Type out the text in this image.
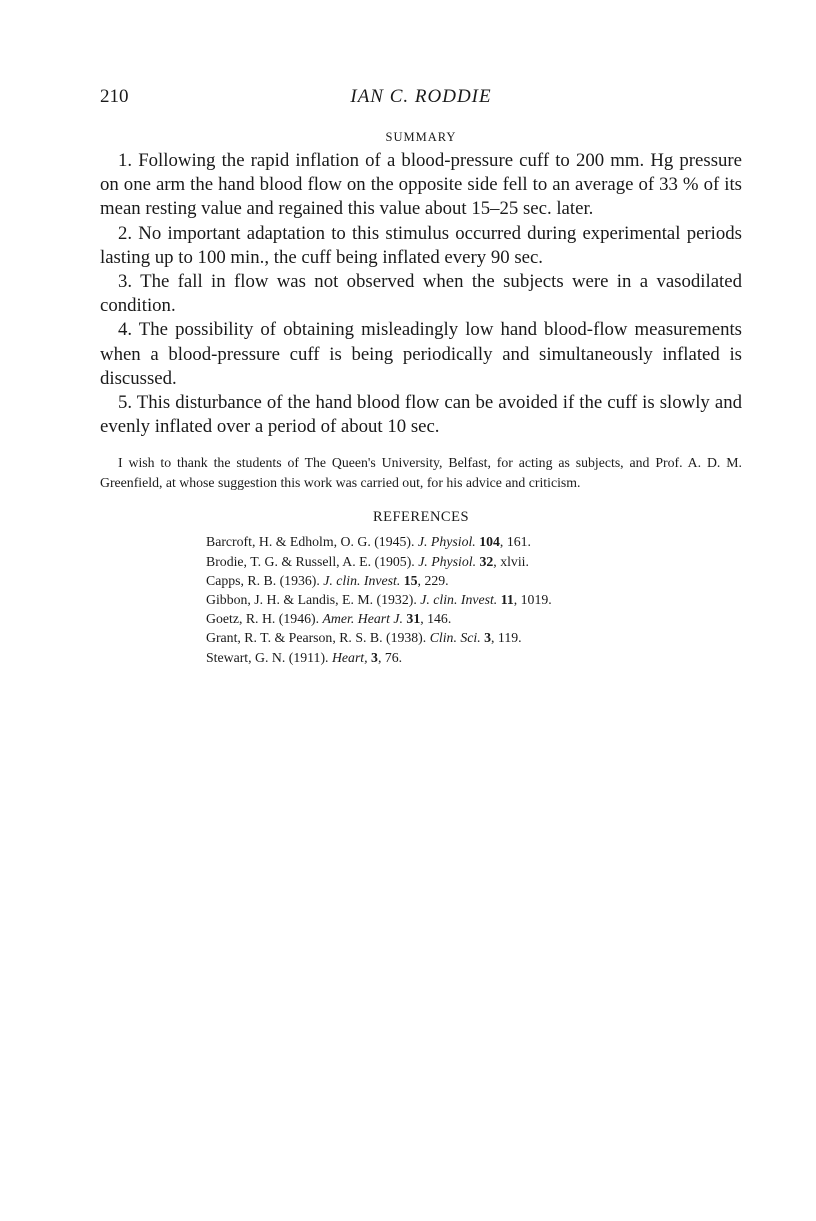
210	IAN C. RODDIE
SUMMARY
1. Following the rapid inflation of a blood-pressure cuff to 200 mm. Hg pressure on one arm the hand blood flow on the opposite side fell to an average of 33 % of its mean resting value and regained this value about 15–25 sec. later.
2. No important adaptation to this stimulus occurred during experimental periods lasting up to 100 min., the cuff being inflated every 90 sec.
3. The fall in flow was not observed when the subjects were in a vasodilated condition.
4. The possibility of obtaining misleadingly low hand blood-flow measurements when a blood-pressure cuff is being periodically and simultaneously inflated is discussed.
5. This disturbance of the hand blood flow can be avoided if the cuff is slowly and evenly inflated over a period of about 10 sec.

I wish to thank the students of The Queen's University, Belfast, for acting as subjects, and Prof. A. D. M. Greenfield, at whose suggestion this work was carried out, for his advice and criticism.

REFERENCES
Barcroft, H. & Edholm, O. G. (1945). J. Physiol. 104, 161.
Brodie, T. G. & Russell, A. E. (1905). J. Physiol. 32, xlvii.
Capps, R. B. (1936). J. clin. Invest. 15, 229.
Gibbon, J. H. & Landis, E. M. (1932). J. clin. Invest. 11, 1019.
Goetz, R. H. (1946). Amer. Heart J. 31, 146.
Grant, R. T. & Pearson, R. S. B. (1938). Clin. Sci. 3, 119.
Stewart, G. N. (1911). Heart, 3, 76.
